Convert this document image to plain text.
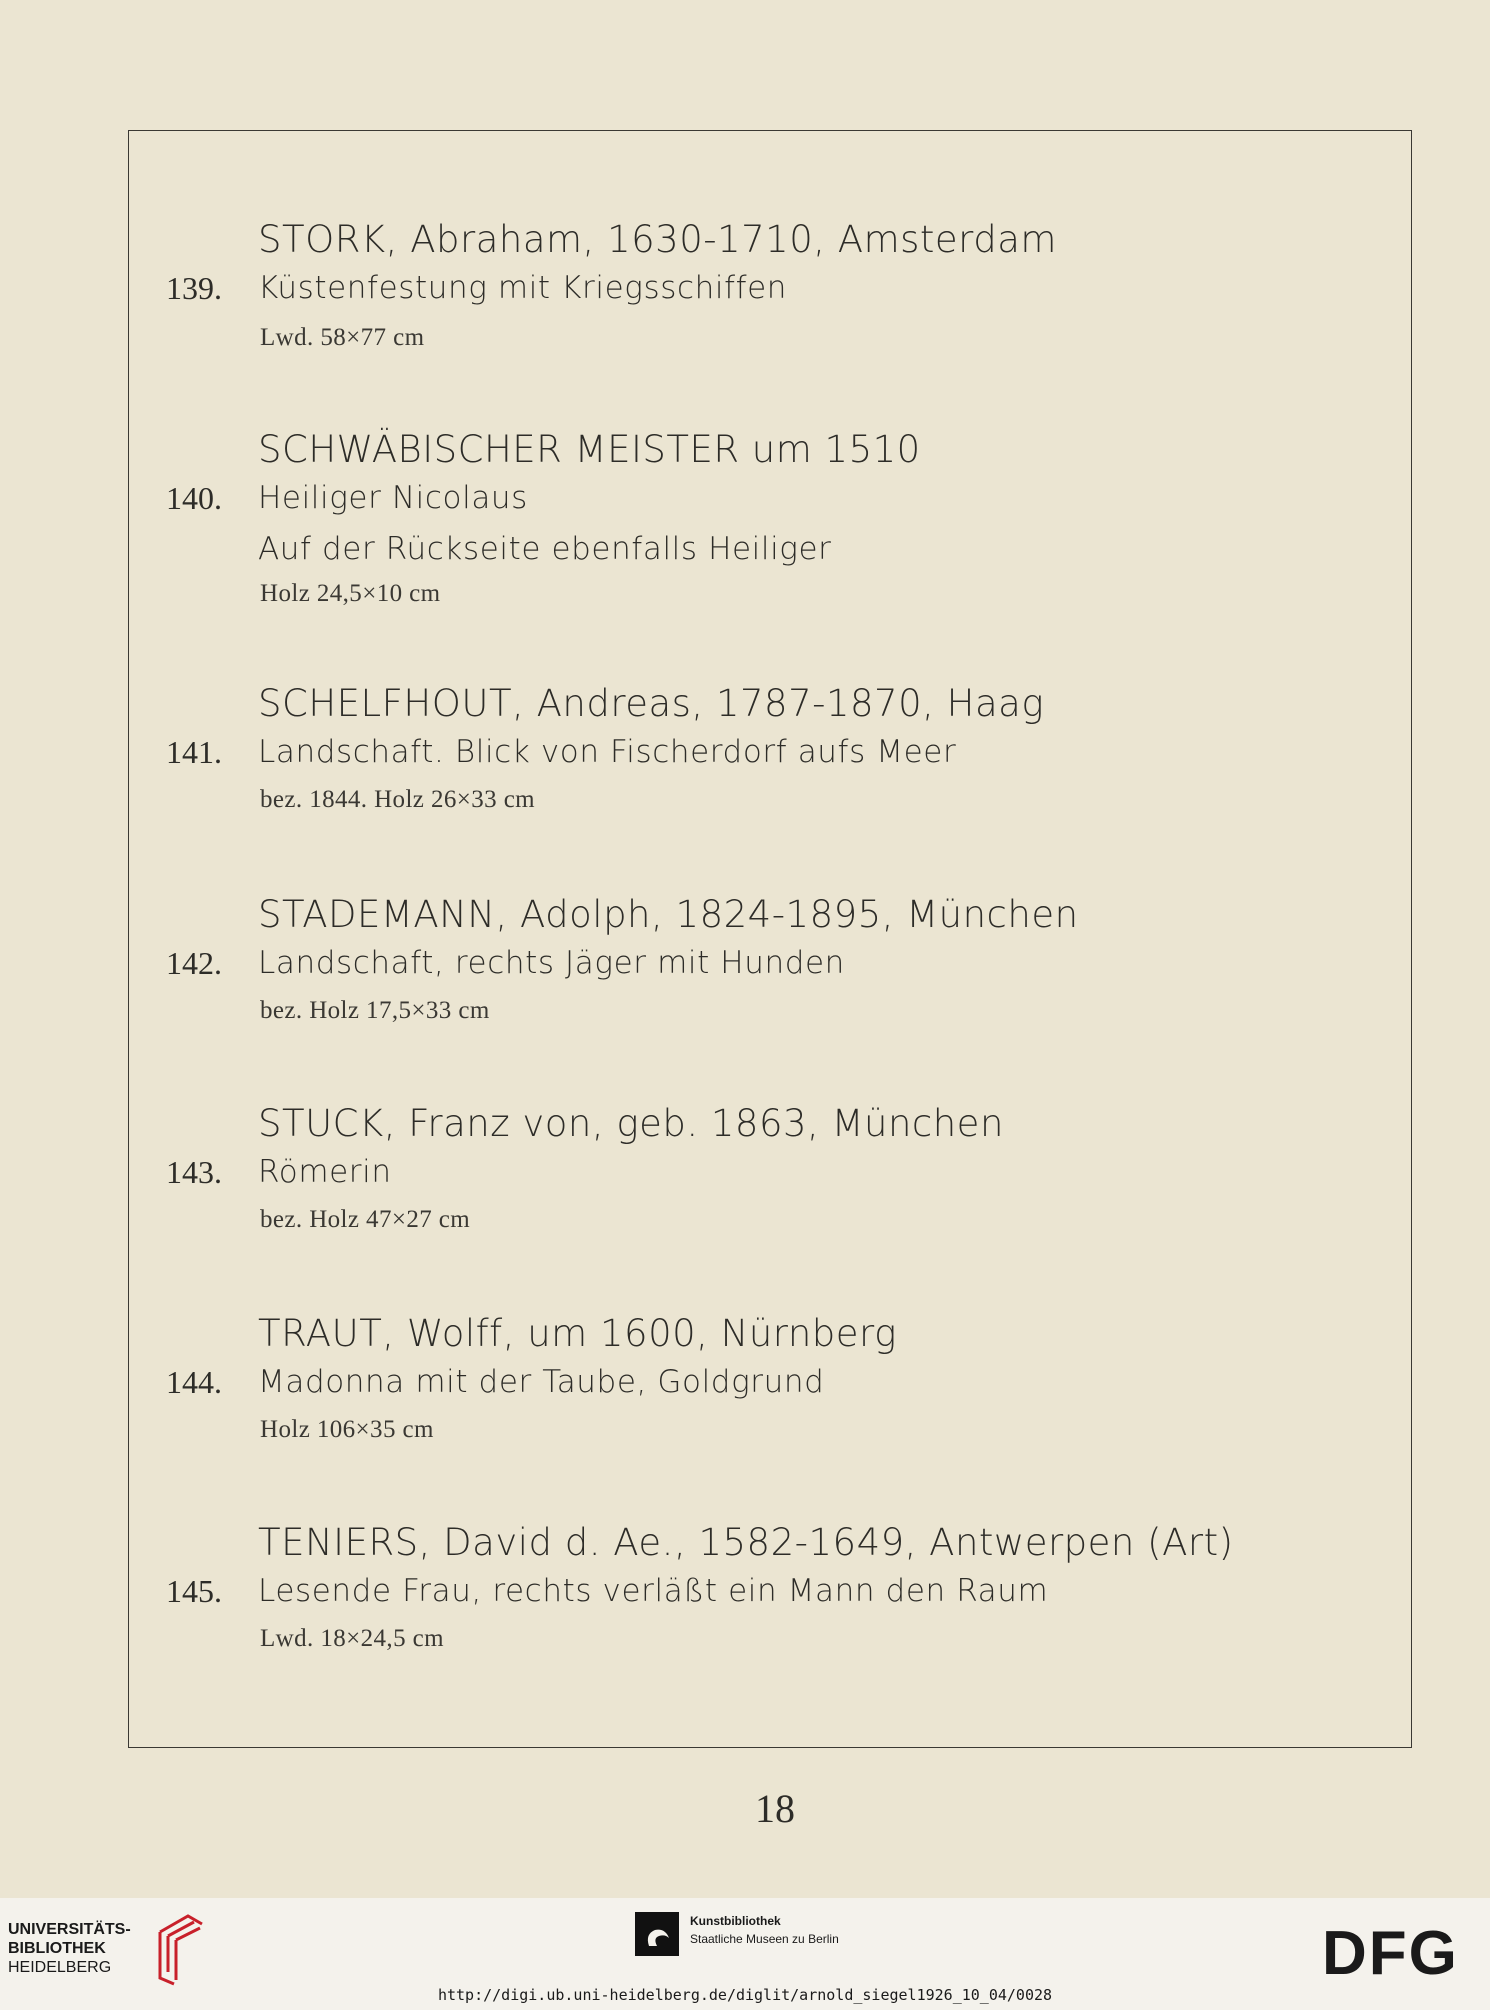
STORK, Abraham, 1630-1710, Amsterdam
139. Küstenfestung mit Kriegsschiffen
Lwd. 58×77 cm
SCHWÄBISCHER MEISTER um 1510
140. Heiliger Nicolaus
Auf der Rückseite ebenfalls Heiliger
Holz 24,5×10 cm
SCHELFHOUT, Andreas, 1787-1870, Haag
141. Landschaft. Blick von Fischerdorf aufs Meer
bez. 1844. Holz 26×33 cm
STADEMANN, Adolph, 1824-1895, München
142. Landschaft, rechts Jäger mit Hunden
bez. Holz 17,5×33 cm
STUCK, Franz von, geb. 1863, München
143. Römerin
bez. Holz 47×27 cm
TRAUT, Wolff, um 1600, Nürnberg
144. Madonna mit der Taube, Goldgrund
Holz 106×35 cm
TENIERS, David d. Ae., 1582-1649, Antwerpen (Art)
145. Lesende Frau, rechts verläßt ein Mann den Raum
Lwd. 18×24,5 cm
18
UNIVERSITÄTS-
BIBLIOTHEK
HEIDELBERG
Kunstbibliothek
Staatliche Museen zu Berlin	DFG
http://digi.ub.uni-heidelberg.de/diglit/arnold_siegel1926_10_04/0028
